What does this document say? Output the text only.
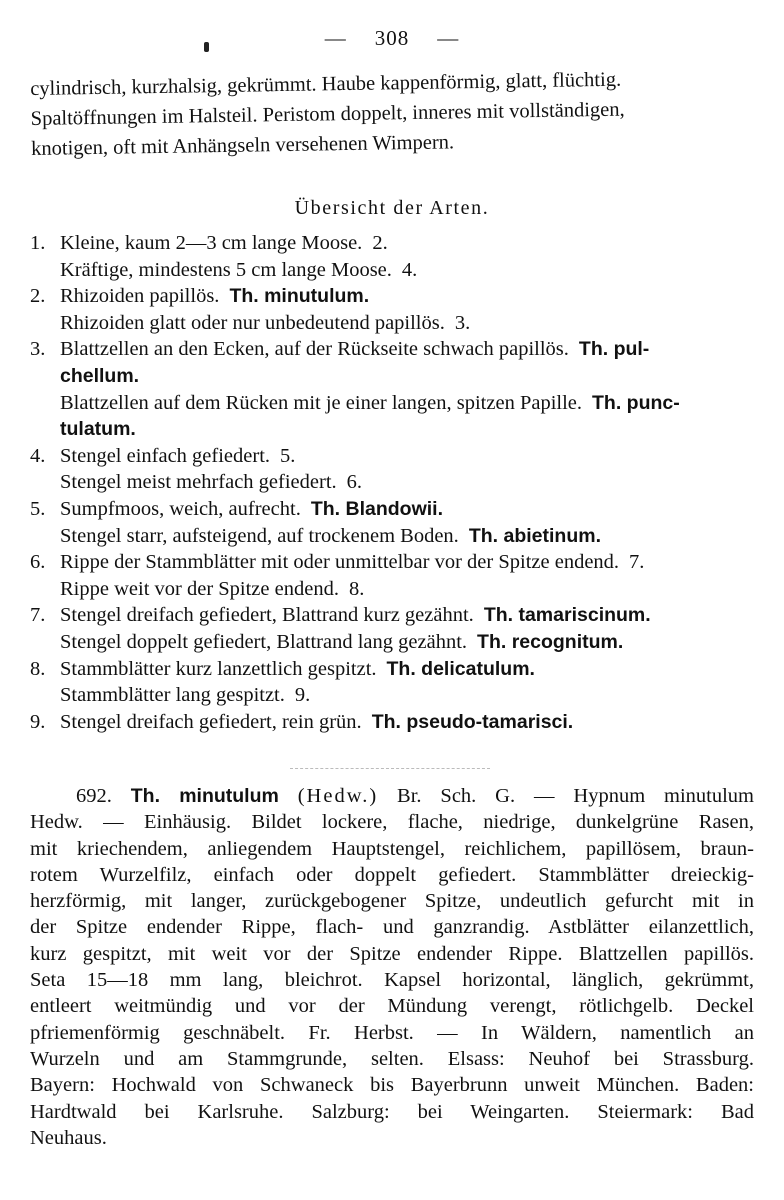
— 308 —

cylindrisch, kurzhalsig, gekrümmt. Haube kappenförmig, glatt, flüchtig.

Spaltöffnungen im Halsteil. Peristom doppelt, inneres mit vollständigen,

knotigen, oft mit Anhängseln versehenen Wimpern.

Übersicht der Arten.
1. Kleine, kaum 2—3 cm lange Moose. 2.
Kräftige, mindestens 5 cm lange Moose. 4.
2. Rhizoiden papillös. Th. minutulum.
Rhizoiden glatt oder nur unbedeutend papillös. 3.
3. Blattzellen an den Ecken, auf der Rückseite schwach papillös. Th. pul-
chellum.
Blattzellen auf dem Rücken mit je einer langen, spitzen Papille. Th. punc-
tulatum.
4. Stengel einfach gefiedert. 5.
Stengel meist mehrfach gefiedert. 6.
5. Sumpfmoos, weich, aufrecht. Th. Blandowii.
Stengel starr, aufsteigend, auf trockenem Boden. Th. abietinum.
6. Rippe der Stammblätter mit oder unmittelbar vor der Spitze endend. 7.
Rippe weit vor der Spitze endend. 8.
7. Stengel dreifach gefiedert, Blattrand kurz gezähnt. Th. tamariscinum.
Stengel doppelt gefiedert, Blattrand lang gezähnt. Th. recognitum.
8. Stammblätter kurz lanzettlich gespitzt. Th. delicatulum.
Stammblätter lang gespitzt. 9.
9. Stengel dreifach gefiedert, rein grün. Th. pseudo-tamarisci.
692. Th. minutulum (Hedw.) Br. Sch. G. — Hypnum minutulum
Hedw. — Einhäusig. Bildet lockere, flache, niedrige, dunkelgrüne Rasen,
mit kriechendem, anliegendem Hauptstengel, reichlichem, papillösem, braun-
rotem Wurzelfilz, einfach oder doppelt gefiedert. Stammblätter dreieckig-
herzförmig, mit langer, zurückgebogener Spitze, undeutlich gefurcht mit in
der Spitze endender Rippe, flach- und ganzrandig. Astblätter eilanzettlich,
kurz gespitzt, mit weit vor der Spitze endender Rippe. Blattzellen papillös.
Seta 15—18 mm lang, bleichrot. Kapsel horizontal, länglich, gekrümmt,
entleert weitmündig und vor der Mündung verengt, rötlichgelb. Deckel
pfriemenförmig geschnäbelt. Fr. Herbst. — In Wäldern, namentlich an
Wurzeln und am Stammgrunde, selten. Elsass: Neuhof bei Strassburg.
Bayern: Hochwald von Schwaneck bis Bayerbrunn unweit München. Baden:
Hardtwald bei Karlsruhe. Salzburg: bei Weingarten. Steiermark: Bad
Neuhaus.
